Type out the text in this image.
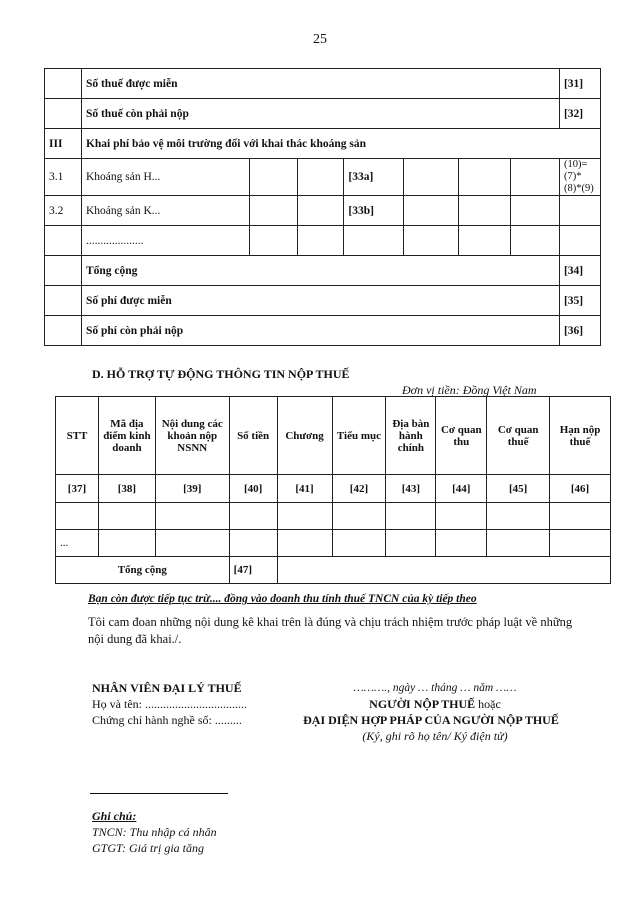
25
	Số thuế được miễn							[31]
	Số thuế còn phải nộp							[32]
III	Khai phí bảo vệ môi trường đối với khai thác khoáng sản							
3.1	Khoáng sản H...			[33a]				(10)=(7)*(8)*(9)
3.2	Khoáng sản K...			[33b]				
	....................							
	Tổng cộng							[34]
	Số phí được miễn							[35]
	Số phí còn phải nộp							[36]
D. HỖ TRỢ TỰ ĐỘNG THÔNG TIN NỘP THUẾ
Đơn vị tiền: Đồng Việt Nam
STT	Mã địa điểm kinh doanh	Nội dung các khoản nộp NSNN	Số tiền	Chương	Tiểu mục	Địa bàn hành chính	Cơ quan thu	Cơ quan thuế	Hạn nộp thuế
[37]	[38]	[39]	[40]	[41]	[42]	[43]	[44]	[45]	[46]

...									
Tổng cộng			[47]						
Bạn còn được tiếp tục trừ.... đồng vào doanh thu tính thuế TNCN của kỳ tiếp theo
Tôi cam đoan những nội dung kê khai trên là đúng và chịu trách nhiệm trước pháp luật về những nội dung đã khai./.
NHÂN VIÊN ĐẠI LÝ THUẾ
Họ và tên: ..................................
Chứng chỉ hành nghề số: .........
………., ngày … tháng … năm ……
NGƯỜI NỘP THUẾ hoặc
ĐẠI DIỆN HỢP PHÁP CỦA NGƯỜI NỘP THUẾ
(Ký, ghi rõ họ tên/ Ký điện tử)
Ghi chú:
TNCN: Thu nhập cá nhân
GTGT: Giá trị gia tăng
